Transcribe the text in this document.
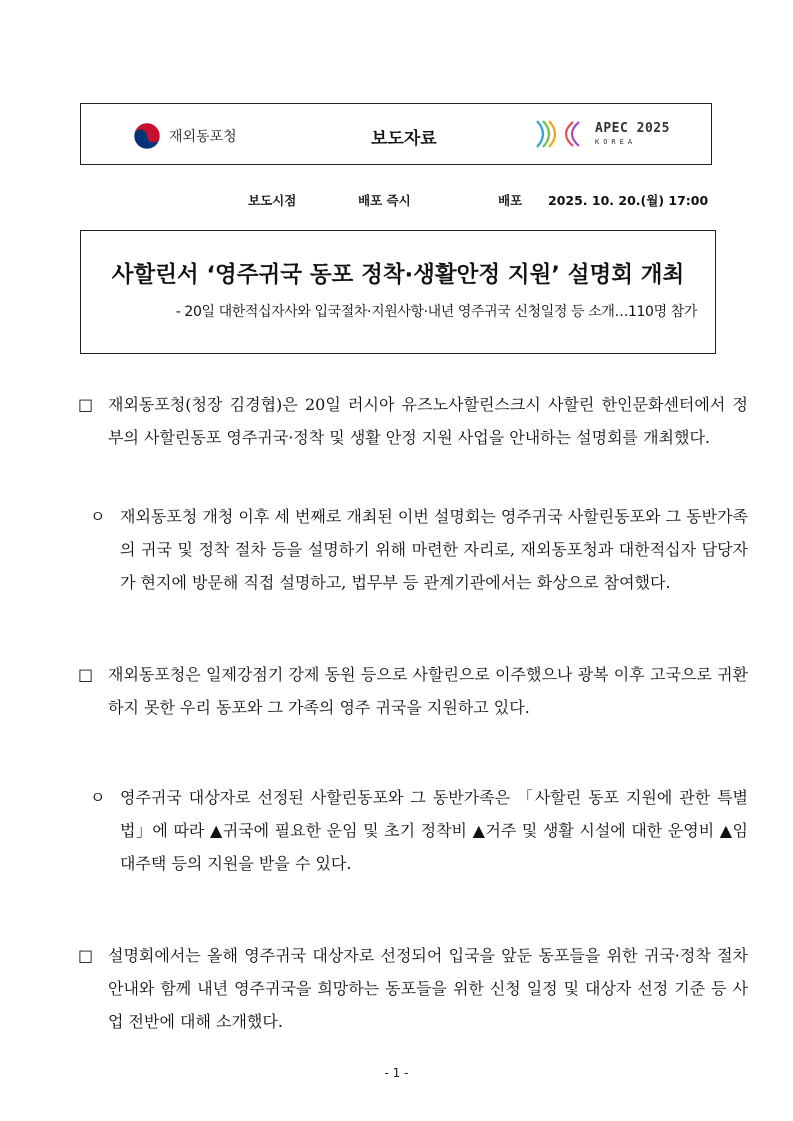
재외동포청	보도자료
APEC 2025
KOREA
보도시점	배포 즉시	배포 2025. 10. 20.(월) 17:00
사할린서 ‘영주귀국 동포 정착·생활안정 지원’ 설명회 개최
- 20일 대한적십자사와 입국절차·지원사항·내년 영주귀국 신청일정 등 소개…110명 참가
□ 재외동포청(청장 김경협)은 20일 러시아 유즈노사할린스크시 사할린 한인문화센터에서 정부의 사할린동포 영주귀국·정착 및 생활 안정 지원 사업을 안내하는 설명회를 개최했다.
ㅇ 재외동포청 개청 이후 세 번째로 개최된 이번 설명회는 영주귀국 사할린동포와 그 동반가족의 귀국 및 정착 절차 등을 설명하기 위해 마련한 자리로, 재외동포청과 대한적십자 담당자가 현지에 방문해 직접 설명하고, 법무부 등 관계기관에서는 화상으로 참여했다.
□ 재외동포청은 일제강점기 강제 동원 등으로 사할린으로 이주했으나 광복 이후 고국으로 귀환하지 못한 우리 동포와 그 가족의 영주 귀국을 지원하고 있다.
ㅇ 영주귀국 대상자로 선정된 사할린동포와 그 동반가족은 「사할린 동포 지원에 관한 특별법」에 따라 ▲귀국에 필요한 운임 및 초기 정착비 ▲거주 및 생활 시설에 대한 운영비 ▲임대주택 등의 지원을 받을 수 있다.
□ 설명회에서는 올해 영주귀국 대상자로 선정되어 입국을 앞둔 동포들을 위한 귀국·정착 절차 안내와 함께 내년 영주귀국을 희망하는 동포들을 위한 신청 일정 및 대상자 선정 기준 등 사업 전반에 대해 소개했다.
- 1 -
